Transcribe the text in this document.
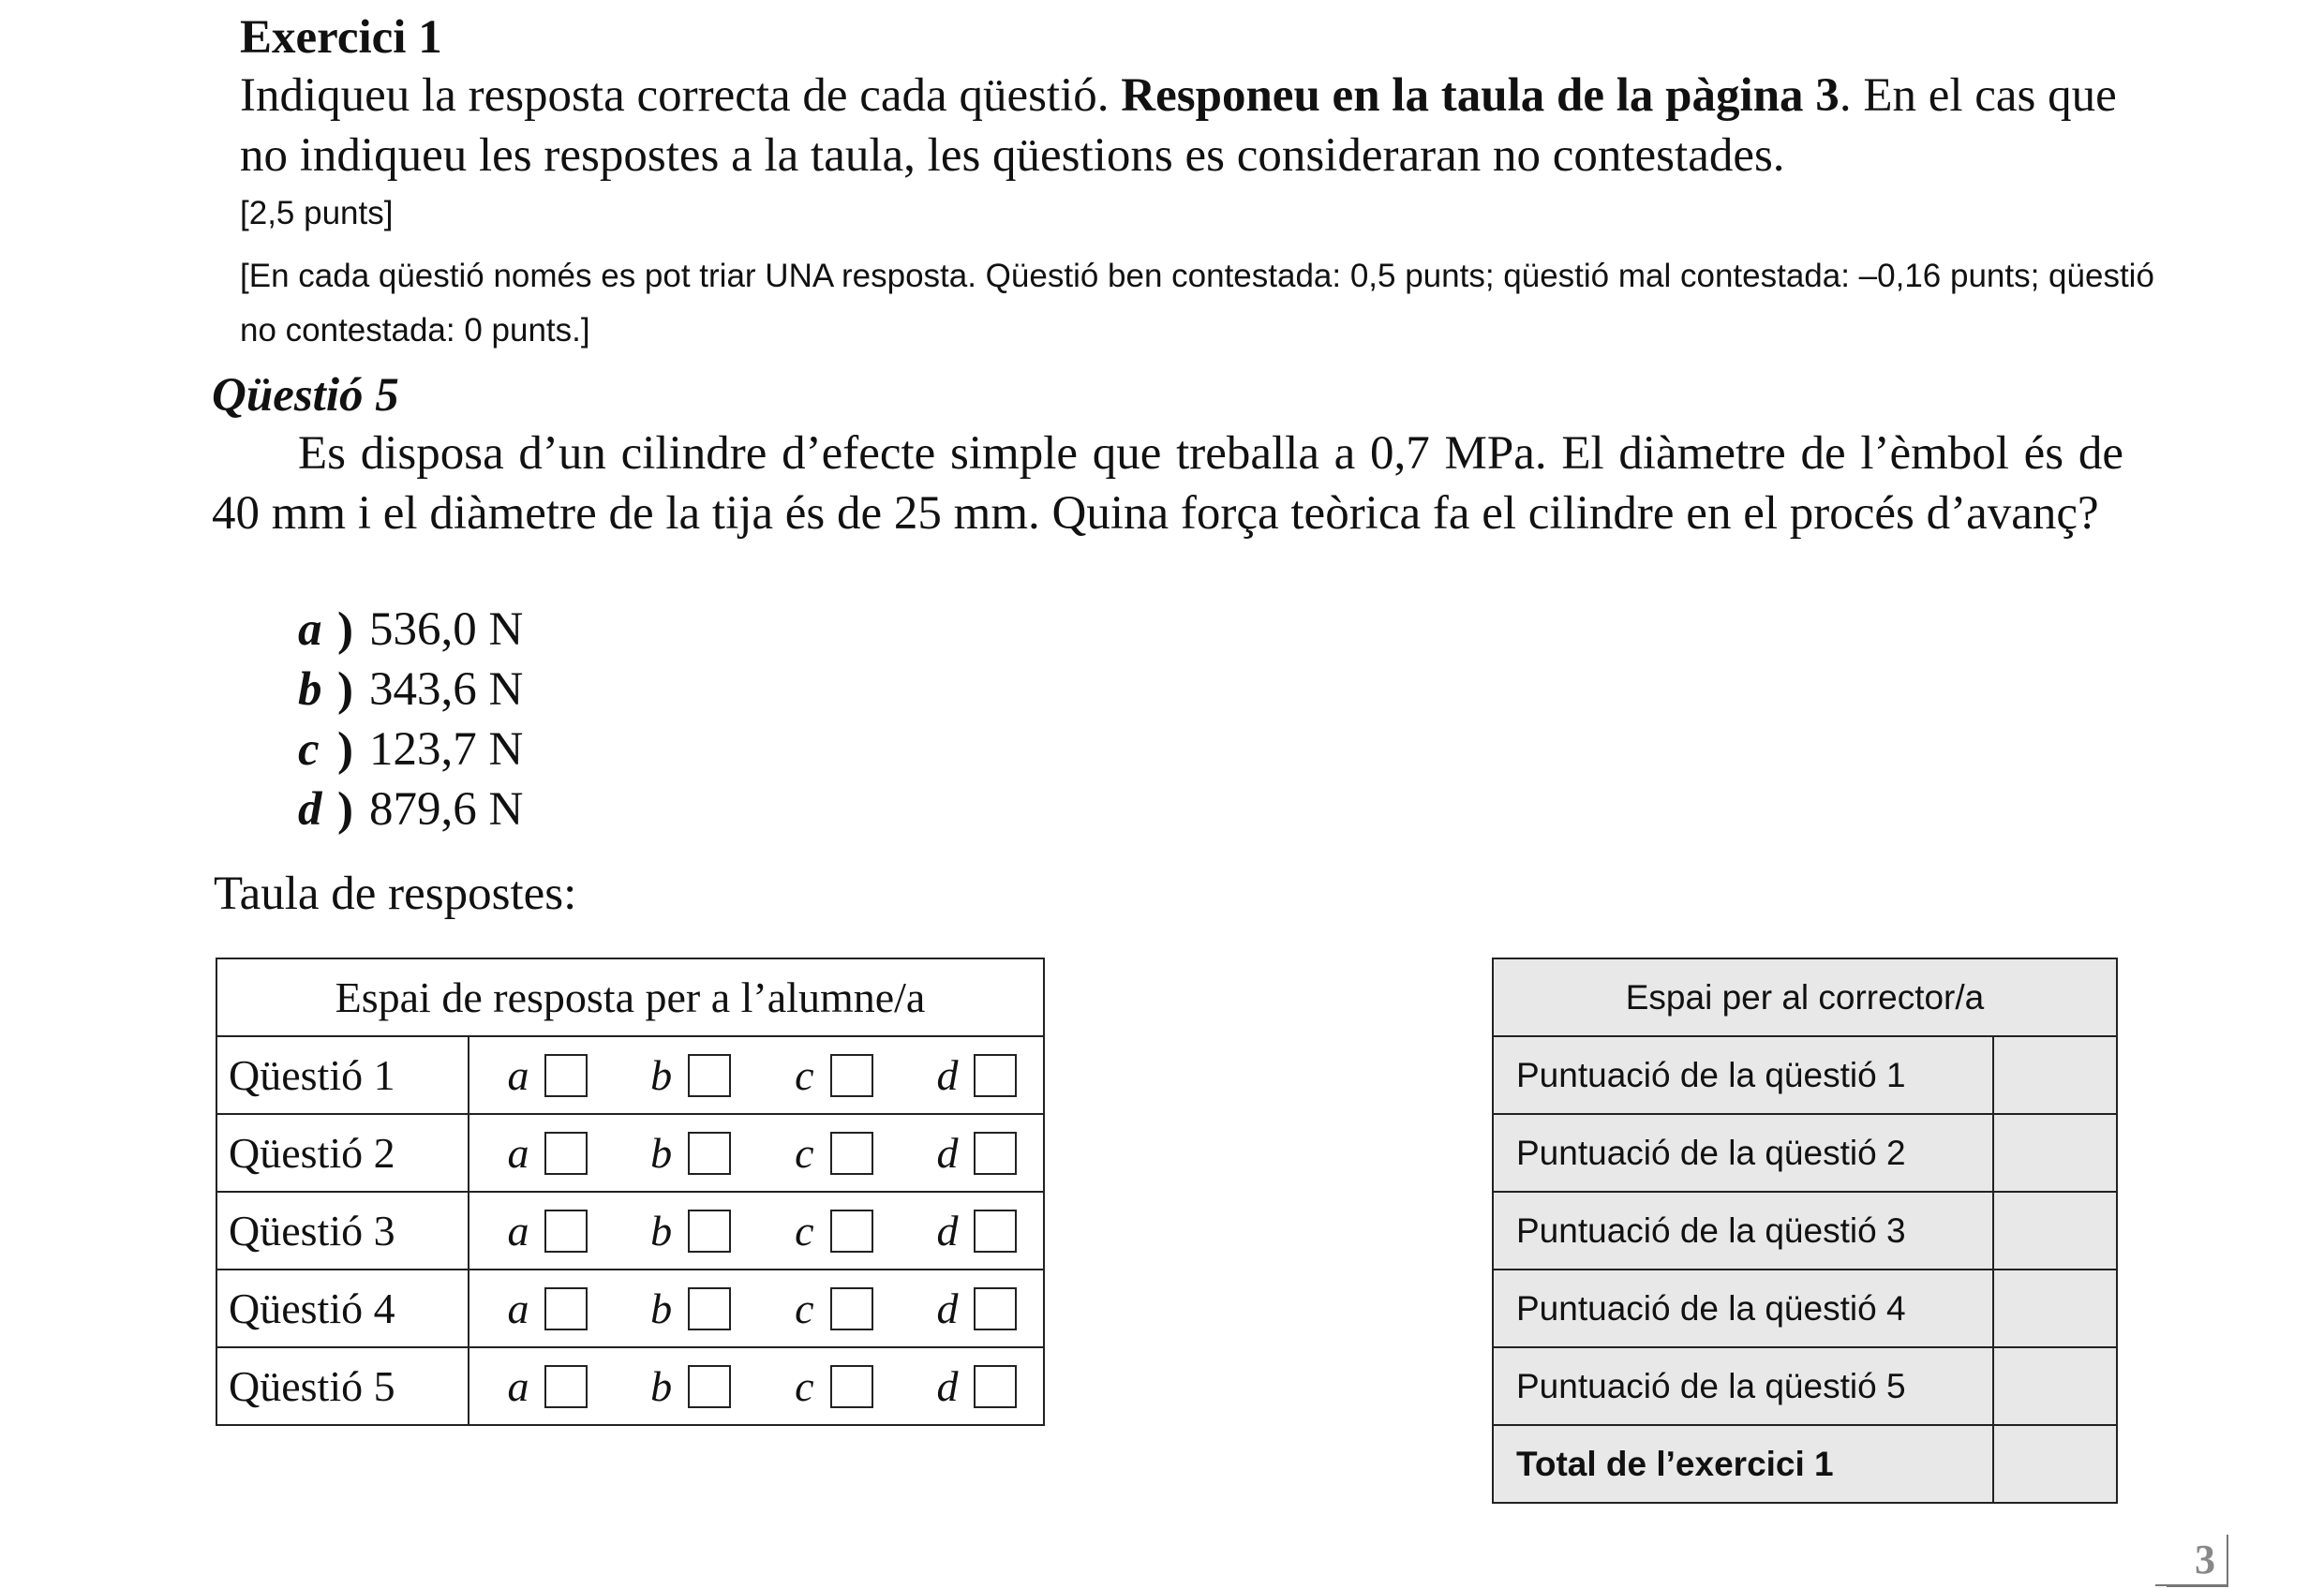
Exercici 1
Indiqueu la resposta correcta de cada qüestió. Responeu en la taula de la pàgina 3. En el cas que no indiqueu les respostes a la taula, les qüestions es consideraran no contestades.
[2,5 punts]
[En cada qüestió només es pot triar UNA resposta. Qüestió ben contestada: 0,5 punts; qüestió mal contestada: –0,16 punts; qüestió no contestada: 0 punts.]
Qüestió 5
Es disposa d’un cilindre d’efecte simple que treballa a 0,7 MPa. El diàmetre de l’èmbol és de 40 mm i el diàmetre de la tija és de 25 mm. Quina força teòrica fa el cilindre en el procés d’avanç?
a ) 536,0 N
b ) 343,6 N
c ) 123,7 N
d ) 879,6 N
Taula de respostes:
Espai de resposta per a l’alumne/a	
Qüestió 1	a b c d

Qüestió 2	a b c d

Qüestió 3	a b c d

Qüestió 4	a b c d

Qüestió 5	a b c d
Espai per al corrector/a	
Puntuació de la qüestió 1	
Puntuació de la qüestió 2	
Puntuació de la qüestió 3	
Puntuació de la qüestió 4	
Puntuació de la qüestió 5	
Total de l’exercici 1	
3
